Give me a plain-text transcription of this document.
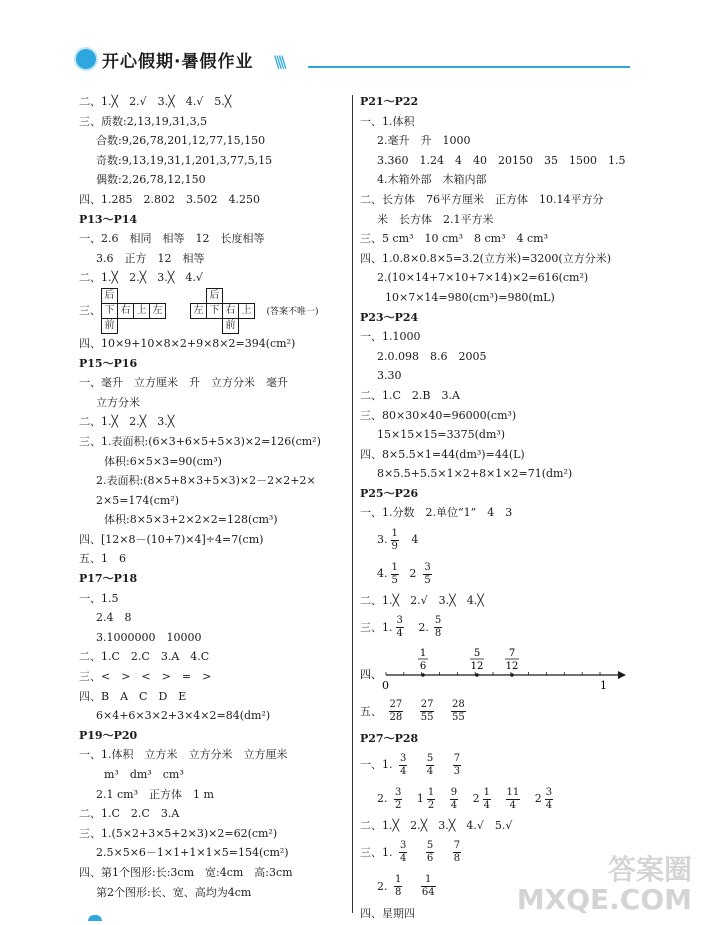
开心假期·暑假作业 \\\\
二、1.╳　2.√　3.╳　4.√　5.╳
三、质数:2,13,19,31,3,5
合数:9,26,78,201,12,77,15,150
奇数:9,13,19,31,1,201,3,77,5,15
偶数:2,26,78,12,150
四、1.285　2.802　3.502　4.250
P13～P14
一、2.6　相同　相等　12　长度相等
3.6　正方　12　相等
二、1.╳　2.╳　3.╳　4.√
三、
后			
下	右	上	左
前			
	后		
左	下	右	上
		前	
(答案不唯一)
四、10×9+10×8×2+9×8×2=394(cm²)
P15～P16
一、毫升　立方厘米　升　立方分米　毫升
立方分米
二、1.╳　2.╳　3.╳
三、1.表面积:(6×3+6×5+5×3)×2=126(cm²)
体积:6×5×3=90(cm³)
2.表面积:(8×5+8×3+5×3)×2－2×2+2×
2×5=174(cm²)
体积:8×5×3+2×2×2=128(cm³)
四、[12×8－(10+7)×4]÷4=7(cm)
五、1　6
P17～P18
一、1.5
2.4　8
3.1000000　10000
二、1.C　2.C　3.A　4.C
三、<　>　<　>　=　>
四、B　A　C　D　E
6×4+6×3×2+3×4×2=84(dm²)
P19～P20
一、1.体积　立方米　立方分米　立方厘米
m³　dm³　cm³
2.1 cm³　正方体　1 m
二、1.C　2.C　3.A
三、1.(5×2+3×5+2×3)×2=62(cm²)
2.5×5×6－1×1+1×1×5=154(cm²)
四、第1个图形:长:3cm　宽:4cm　高:3cm
第2个图形:长、宽、高均为4cm
P21～P22
一、1.体积
2.毫升　升　1000
3.360　1.24　4　40　20150　35　1500　1.5
4.木箱外部　木箱内部
二、长方体　76平方厘米　正方体　10.14平方分
米　长方体　2.1平方米
三、5 cm³　10 cm³　8 cm³　4 cm³
四、1.0.8×0.8×5=3.2(立方米)=3200(立方分米)
2.(10×14+7×10+7×14)×2=616(cm²)
10×7×14=980(cm³)=980(mL)
P23～P24
一、1.1000
2.0.098　8.6　2005
3.30
二、1.C　2.B　3.A
三、80×30×40=96000(cm³)
15×15×15=3375(dm³)
四、8×5.5×1=44(dm³)=44(L)
8×5.5+5.5×1×2+8×1×2=71(dm²)
P25～P26
一、1.分数　2.单位“1”　4　3
3. $\frac{1}{9} 4$
4. $\frac{1}{5} 2 \frac{3}{5}$
二、1.╳　2.√　3.╳　4.╳
三、1. $\frac{3}{4} 2$. $\frac{5}{8}$
四、
0	1
1
6
5
12
7
12
五、 $\frac{27}{28}$
$\frac{27}{55}$
$\frac{28}{55}$
P27～P28
一、1. $\frac{3}{4}$
$\frac{5}{4}$
$\frac{7}{3}$
2. $\frac{3}{2} 1 \frac{1}{2}$
$\frac{9}{4} 2 \frac{1}{4}$
$\frac{11}{4} 2 \frac{3}{4}$
二、1.╳　2.╳　3.╳　4.√　5.√
三、1. $\frac{3}{4}$
$\frac{5}{6}$
$\frac{7}{8}$
2. $\frac{1}{8}$
$\frac{1}{64}$
四、星期四
答案圈
MXQE.COM
